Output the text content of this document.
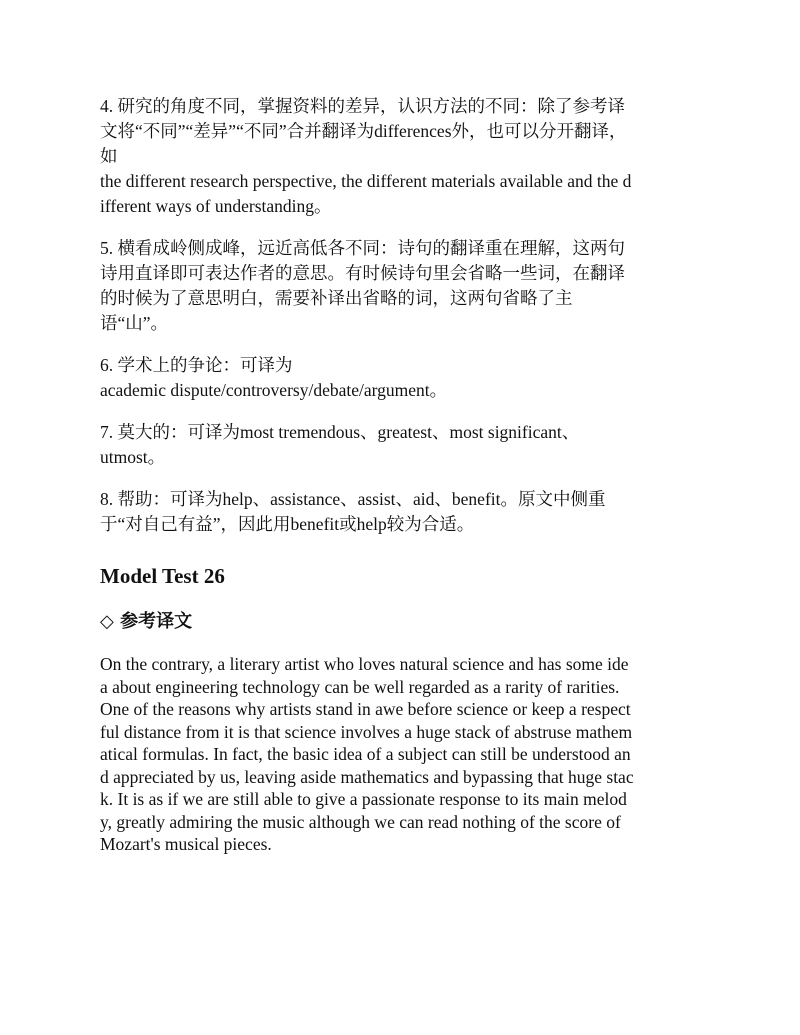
4. 研究的角度不同，掌握资料的差异，认识方法的不同：除了参考译
文将“不同”“差异”“不同”合并翻译为differences外，也可以分开翻译，
如
the different research perspective, the different materials available and the d
ifferent ways of understanding。
5. 横看成岭侧成峰，远近高低各不同：诗句的翻译重在理解，这两句
诗用直译即可表达作者的意思。有时候诗句里会省略一些词，在翻译
的时候为了意思明白，需要补译出省略的词，这两句省略了主
语“山”。
6. 学术上的争论：可译为
academic dispute/controversy/debate/argument。
7. 莫大的：可译为most tremendous、greatest、most significant、
utmost。
8. 帮助：可译为help、assistance、assist、aid、benefit。原文中侧重
于“对自己有益”，因此用benefit或help较为合适。
Model Test 26
◇ 参考译文
On the contrary, a literary artist who loves natural science and has some ide
a about engineering technology can be well regarded as a rarity of rarities.
One of the reasons why artists stand in awe before science or keep a respect
ful distance from it is that science involves a huge stack of abstruse mathem
atical formulas. In fact, the basic idea of a subject can still be understood an
d appreciated by us, leaving aside mathematics and bypassing that huge stac
k. It is as if we are still able to give a passionate response to its main melod
y, greatly admiring the music although we can read nothing of the score of
Mozart's musical pieces.
